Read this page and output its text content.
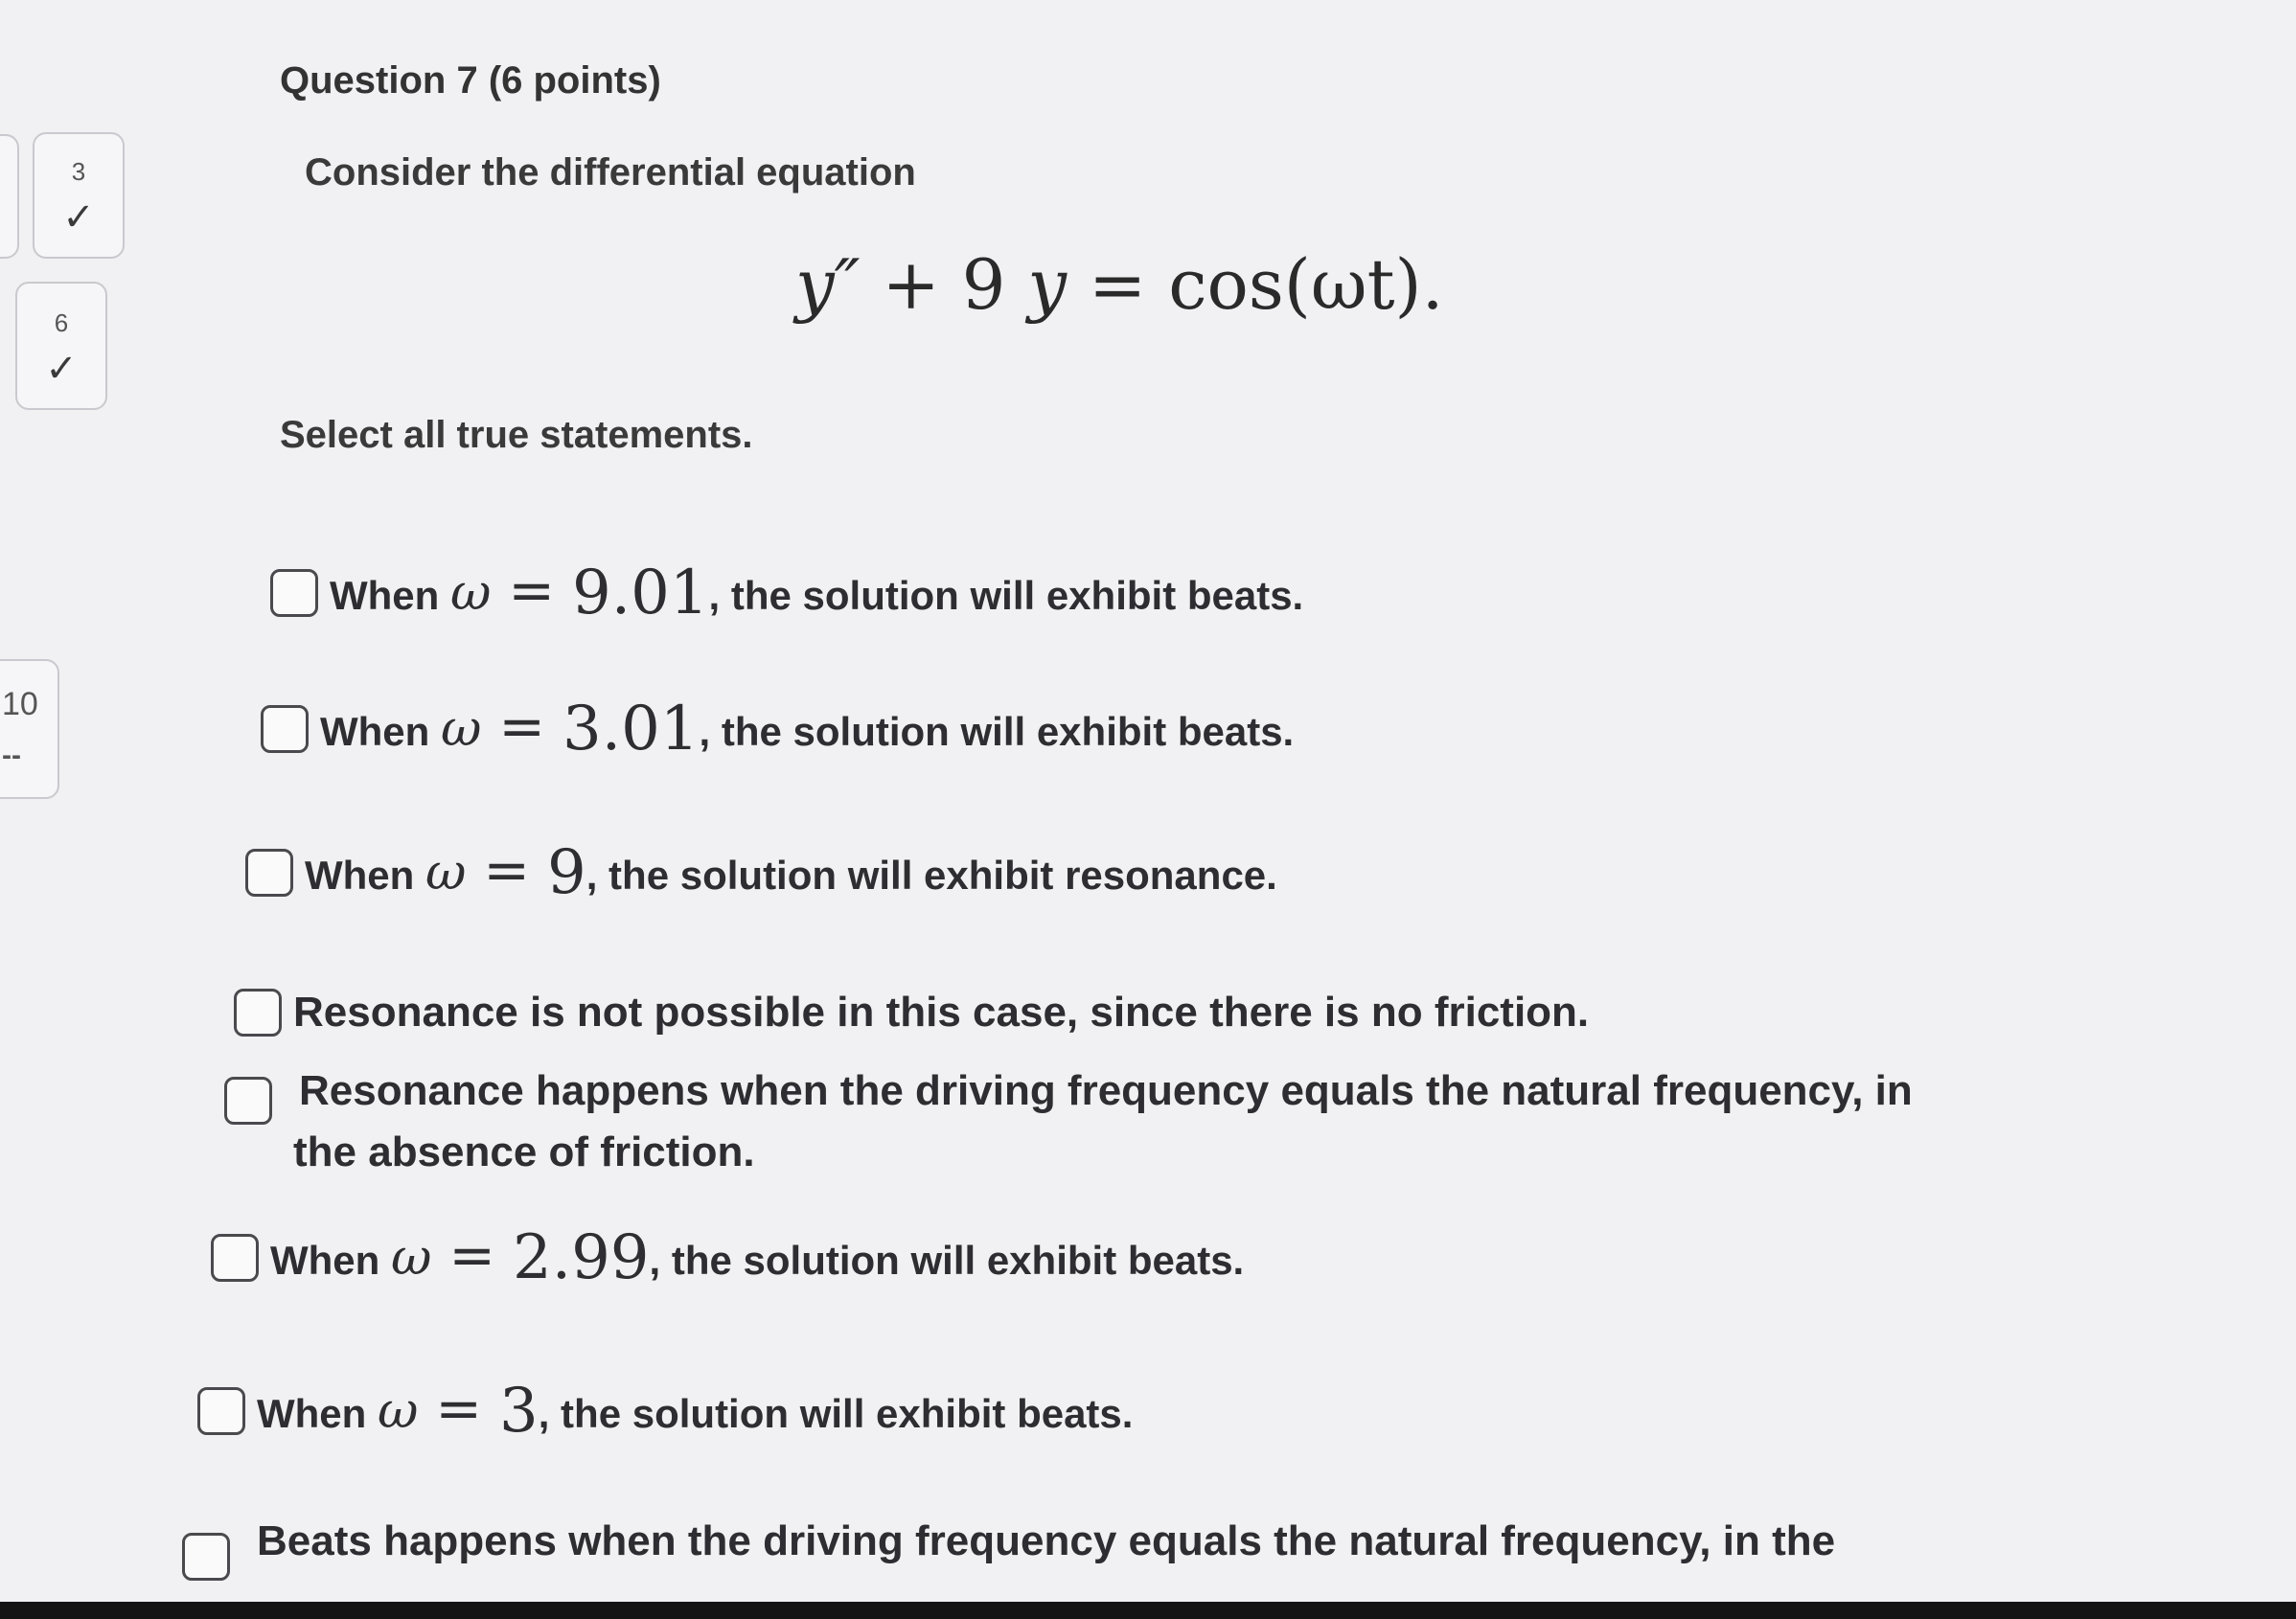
3
✓
6
✓
10
--
Question 7 (6 points)
Consider the differential equation
y″ + 9 y = cos(ωt).
Select all true statements.
When ω = 9.01, the solution will exhibit beats.
When ω = 3.01, the solution will exhibit beats.
When ω = 9, the solution will exhibit resonance.
Resonance is not possible in this case, since there is no friction.
Resonance happens when the driving frequency equals the natural frequency, in
the absence of friction.
When ω = 2.99, the solution will exhibit beats.
When ω = 3, the solution will exhibit beats.
Beats happens when the driving frequency equals the natural frequency, in the
